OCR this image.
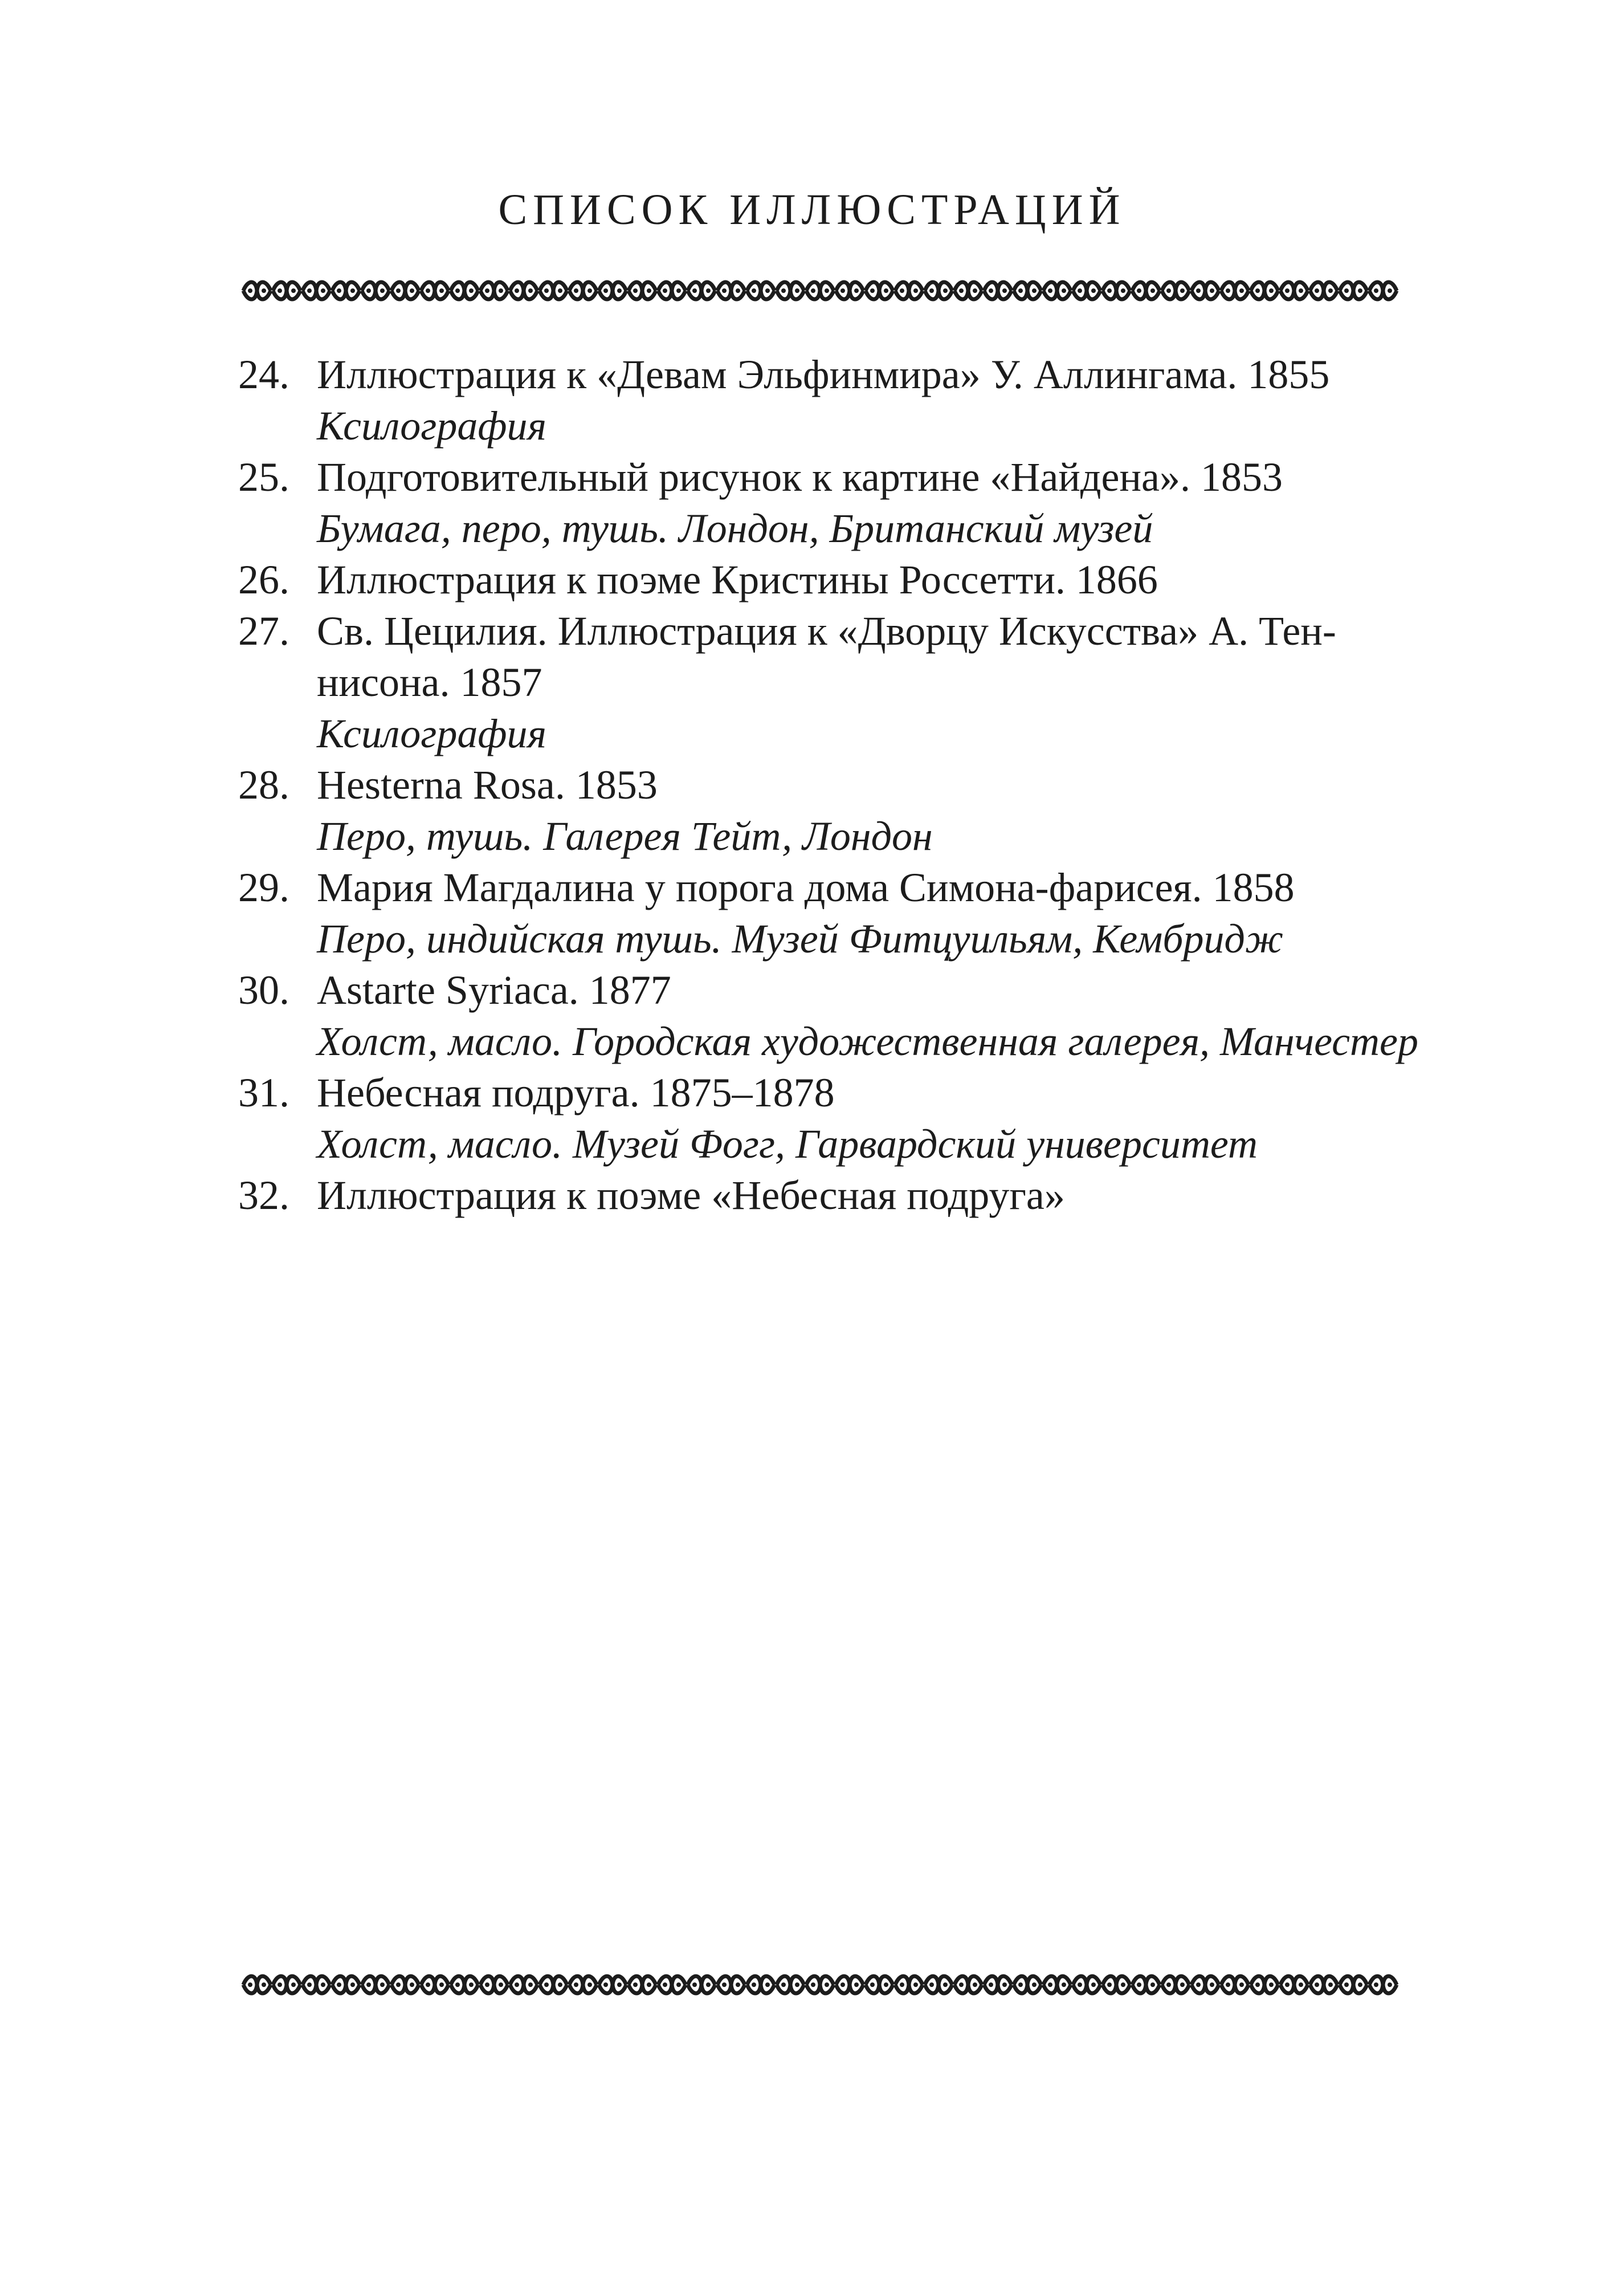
СПИСОК ИЛЛЮСТРАЦИЙ
24. Иллюстрация к «Девам Эльфинмира» У. Аллингама. 1855
Ксилография
25. Подготовительный рисунок к картине «Найдена». 1853
Бумага, перо, тушь. Лондон, Британский музей
26. Иллюстрация к поэме Кристины Россетти. 1866
27. Св. Цецилия. Иллюстрация к «Дворцу Искусства» А. Тен-
нисона. 1857
Ксилография
28. Hesterna Rosa. 1853
Перо, тушь. Галерея Тейт, Лондон
29. Мария Магдалина у порога дома Симона-фарисея. 1858
Перо, индийская тушь. Музей Фитцуильям, Кембридж
30. Astarte Syriaca. 1877
Холст, масло. Городская художественная галерея, Манчестер
31. Небесная подруга. 1875–1878
Холст, масло. Музей Фогг, Гарвардский университет
32. Иллюстрация к поэме «Небесная подруга»
